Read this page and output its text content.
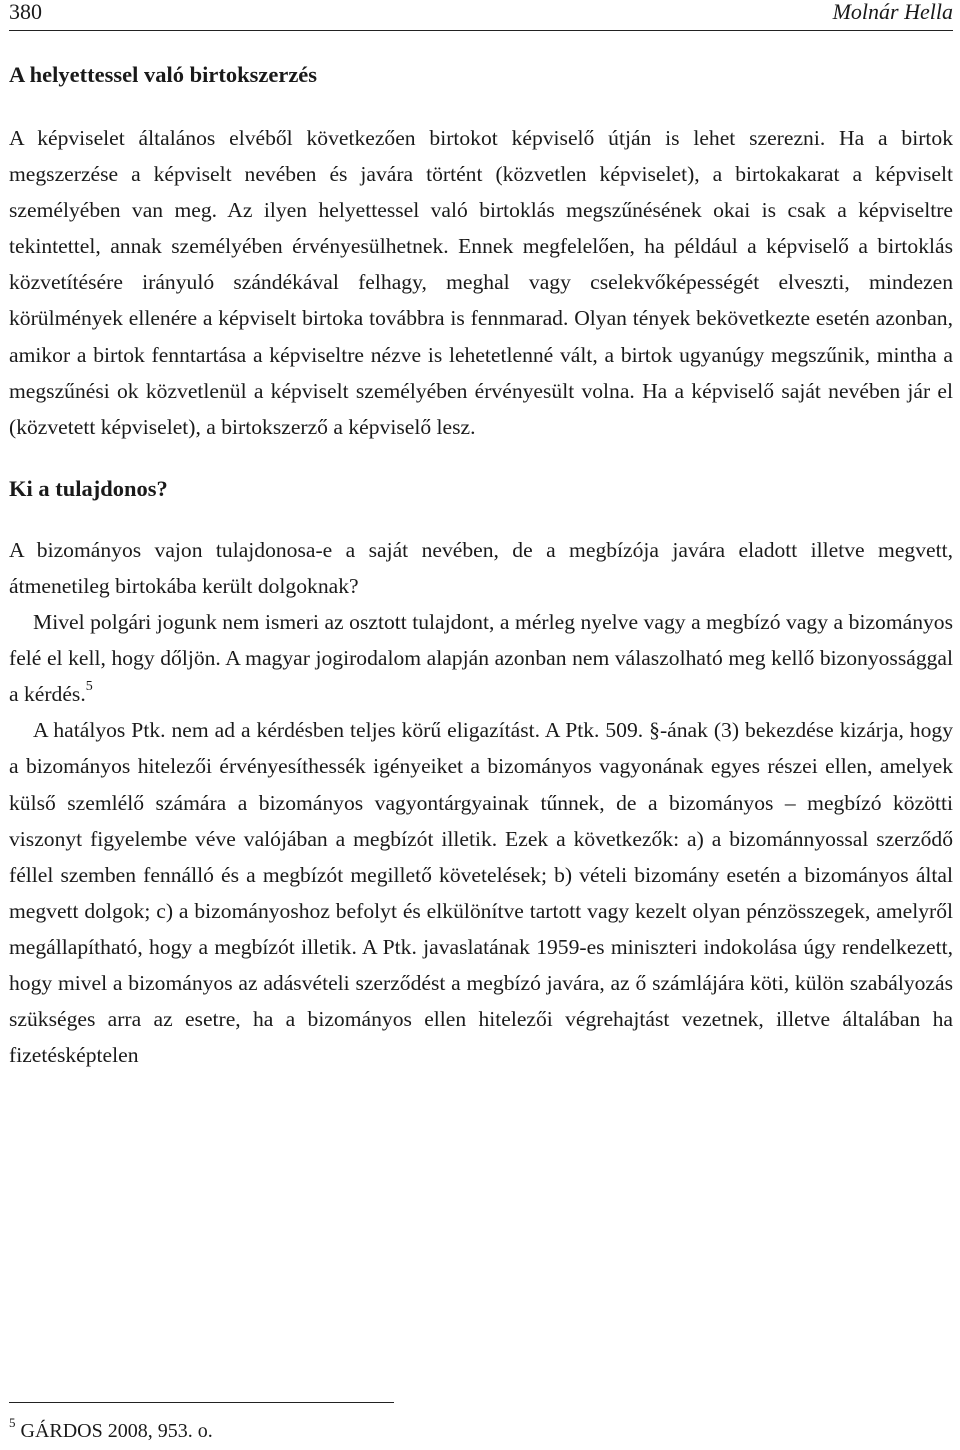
380	Molnár Hella
A helyettessel való birtokszerzés

A képviselet általános elvéből következően birtokot képviselő útján is lehet szerezni. Ha a birtok megszerzése a képviselt nevében és javára történt (közvetlen képviselet), a birtokakarat a képviselt személyében van meg. Az ilyen helyettessel való birtoklás megszűnésének okai is csak a képviseltre tekintettel, annak személyében érvényesülhetnek. Ennek megfelelően, ha például a képviselő a birtoklás közvetítésére irányuló szándékával felhagy, meghal vagy cselekvőképességét elveszti, mindezen körülmények ellenére a képviselt birtoka továbbra is fennmarad. Olyan tények bekövetkezte esetén azonban, amikor a birtok fenntartása a képviseltre nézve is lehetetlenné vált, a birtok ugyanúgy megszűnik, mintha a megszűnési ok közvetlenül a képviselt személyében érvényesült volna. Ha a képviselő saját nevében jár el (közvetett képviselet), a birtokszerző a képviselő lesz.

Ki a tulajdonos?

A bizományos vajon tulajdonosa-e a saját nevében, de a megbízója javára eladott illetve megvett, átmenetileg birtokába került dolgoknak?

Mivel polgári jogunk nem ismeri az osztott tulajdont, a mérleg nyelve vagy a megbízó vagy a bizományos felé el kell, hogy dőljön. A magyar jogirodalom alapján azonban nem válaszolható meg kellő bizonyossággal a kérdés.$^5$

A hatályos Ptk. nem ad a kérdésben teljes körű eligazítást. A Ptk. 509. §-ának (3) bekezdése kizárja, hogy a bizományos hitelezői érvényesíthessék igényeiket a bizományos vagyonának egyes részei ellen, amelyek külső szemlélő számára a bizományos vagyontárgyainak tűnnek, de a bizományos – megbízó közötti viszonyt figyelembe véve valójában a megbízót illetik. Ezek a következők: a) a bizománnyossal szerződő féllel szemben fennálló és a megbízót megillető követelések; b) vételi bizomány esetén a bizományos által megvett dolgok; c) a bizományoshoz befolyt és elkülönítve tartott vagy kezelt olyan pénzösszegek, amelyről megállapítható, hogy a megbízót illetik. A Ptk. javaslatának 1959-es miniszteri indokolása úgy rendelkezett, hogy mivel a bizományos az adásvételi szerződést a megbízó javára, az ő számlájára köti, külön szabályozás szükséges arra az esetre, ha a bizományos ellen hitelezői végrehajtást vezetnek, illetve általában ha fizetésképtelen

$^5$ GÁRDOS 2008, 953. o.
